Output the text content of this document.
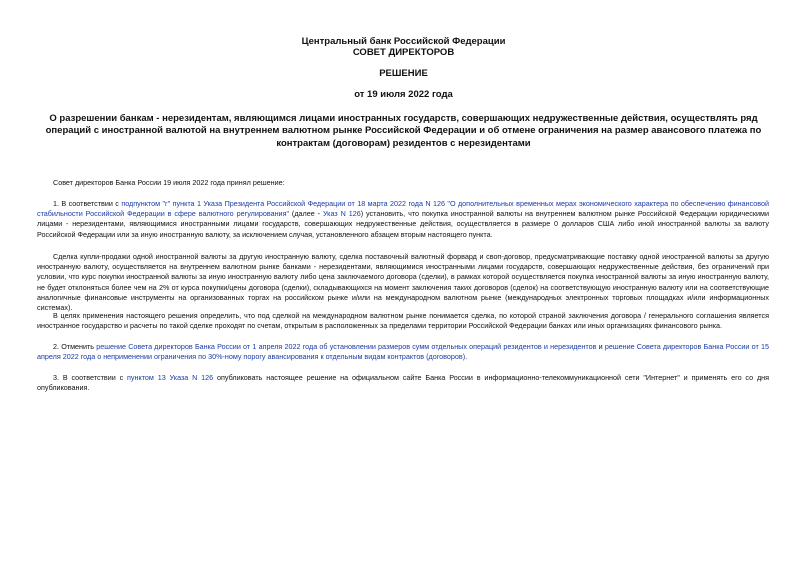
Центральный банк Российской Федерации
СОВЕТ ДИРЕКТОРОВ
РЕШЕНИЕ
от 19 июля 2022 года
О разрешении банкам - нерезидентам, являющимся лицами иностранных государств, совершающих недружественные действия, осуществлять ряд операций с иностранной валютой на внутреннем валютном рынке Российской Федерации и об отмене ограничения на размер авансового платежа по контрактам (договорам) резидентов с нерезидентами
Совет директоров Банка России 19 июля 2022 года принял решение:
1. В соответствии с подпунктом "г" пункта 1 Указа Президента Российской Федерации от 18 марта 2022 года N 126 "О дополнительных временных мерах экономического характера по обеспечению финансовой стабильности Российской Федерации в сфере валютного регулирования" (далее - Указ N 126) установить, что покупка иностранной валюты на внутреннем валютном рынке Российской Федерации юридическими лицами - нерезидентами, являющимися иностранными лицами государств, совершающих недружественные действия, осуществляется в размере 0 долларов США либо иной иностранной валюты за валюту Российской Федерации или за иную иностранную валюту, за исключением случая, установленного абзацем вторым настоящего пункта.
Сделка купли-продажи одной иностранной валюты за другую иностранную валюту, сделка поставочный валютный форвард и своп-договор, предусматривающие поставку одной иностранной валюты за другую иностранную валюту, осуществляется на внутреннем валютном рынке банками - нерезидентами, являющимися иностранными лицами государств, совершающих недружественные действия, без ограничений при условии, что курс покупки иностранной валюты за иную иностранную валюту либо цена заключаемого договора (сделки), в рамках которой осуществляется покупка иностранной валюты за иную иностранную валюту, не будет отклоняться более чем на 2% от курса покупки/цены договора (сделки), складывающихся на момент заключения таких договоров (сделок) на соответствующую иностранную валюту или на соответствующие аналогичные финансовые инструменты на организованных торгах на российском рынке и/или на международном валютном рынке (международных электронных торговых площадках и/или информационных системах).
В целях применения настоящего решения определить, что под сделкой на международном валютном рынке понимается сделка, по которой страной заключения договора / генерального соглашения является иностранное государство и расчеты по такой сделке проходят по счетам, открытым в расположенных за пределами территории Российской Федерации банках или иных организациях финансового рынка.
2. Отменить решение Совета директоров Банка России от 1 апреля 2022 года об установлении размеров сумм отдельных операций резидентов и нерезидентов и решение Совета директоров Банка России от 15 апреля 2022 года о неприменении ограничения по 30%-ному порогу авансирования к отдельным видам контрактов (договоров).
3. В соответствии с пунктом 13 Указа N 126 опубликовать настоящее решение на официальном сайте Банка России в информационно-телекоммуникационной сети "Интернет" и применять его со дня опубликования.
